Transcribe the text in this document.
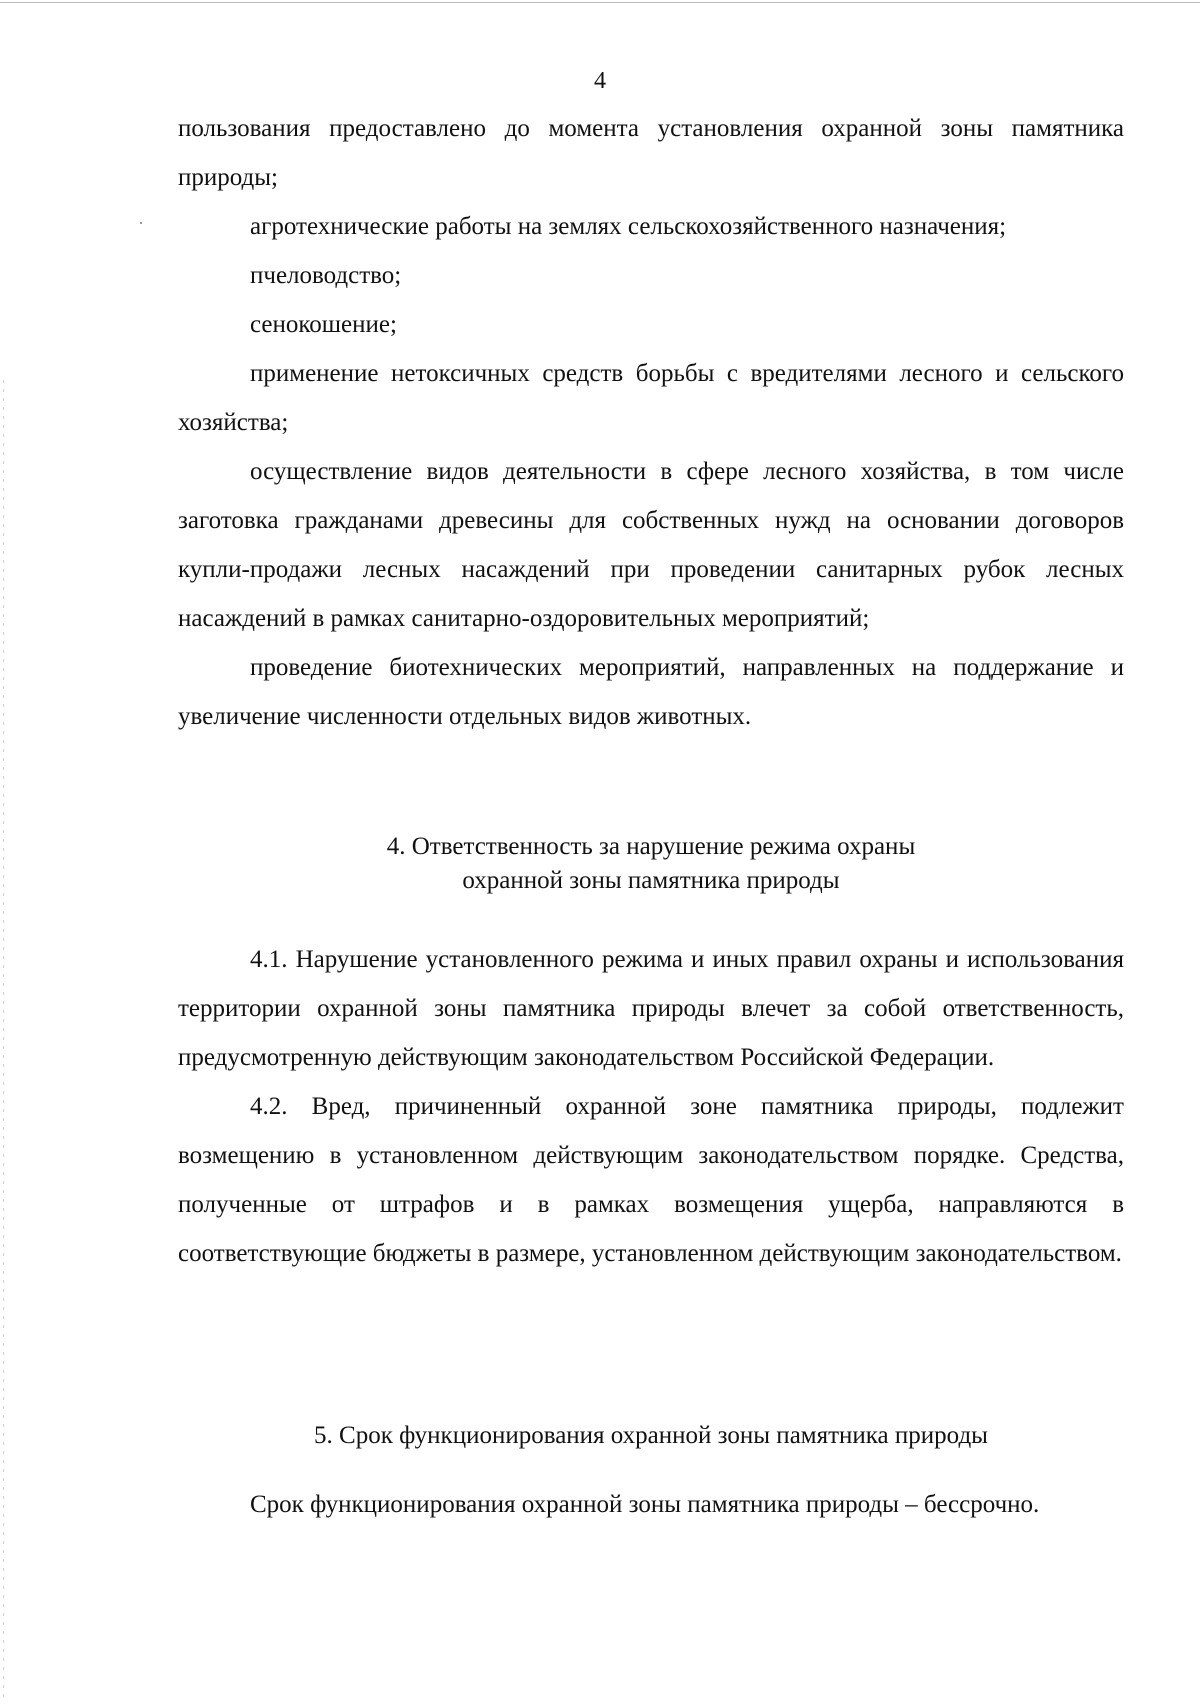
4

пользования предоставлено до момента установления охранной зоны памятника природы;

агротехнические работы на землях сельскохозяйственного назначения;

пчеловодство;

сенокошение;

применение нетоксичных средств борьбы с вредителями лесного и сельского хозяйства;

осуществление видов деятельности в сфере лесного хозяйства, в том числе заготовка гражданами древесины для собственных нужд на основании договоров купли-продажи лесных насаждений при проведении санитарных рубок лесных насаждений в рамках санитарно-оздоровительных мероприятий;

проведение биотехнических мероприятий, направленных на поддержание и увеличение численности отдельных видов животных.

4. Ответственность за нарушение режима охраны
охранной зоны памятника природы

4.1. Нарушение установленного режима и иных правил охраны и использования территории охранной зоны памятника природы влечет за собой ответственность, предусмотренную действующим законодательством Российской Федерации.

4.2. Вред, причиненный охранной зоне памятника природы, подлежит возмещению в установленном действующим законодательством порядке. Средства, полученные от штрафов и в рамках возмещения ущерба, направляются в соответствующие бюджеты в размере, установленном действующим законодательством.

5. Срок функционирования охранной зоны памятника природы

Срок функционирования охранной зоны памятника природы – бессрочно.
